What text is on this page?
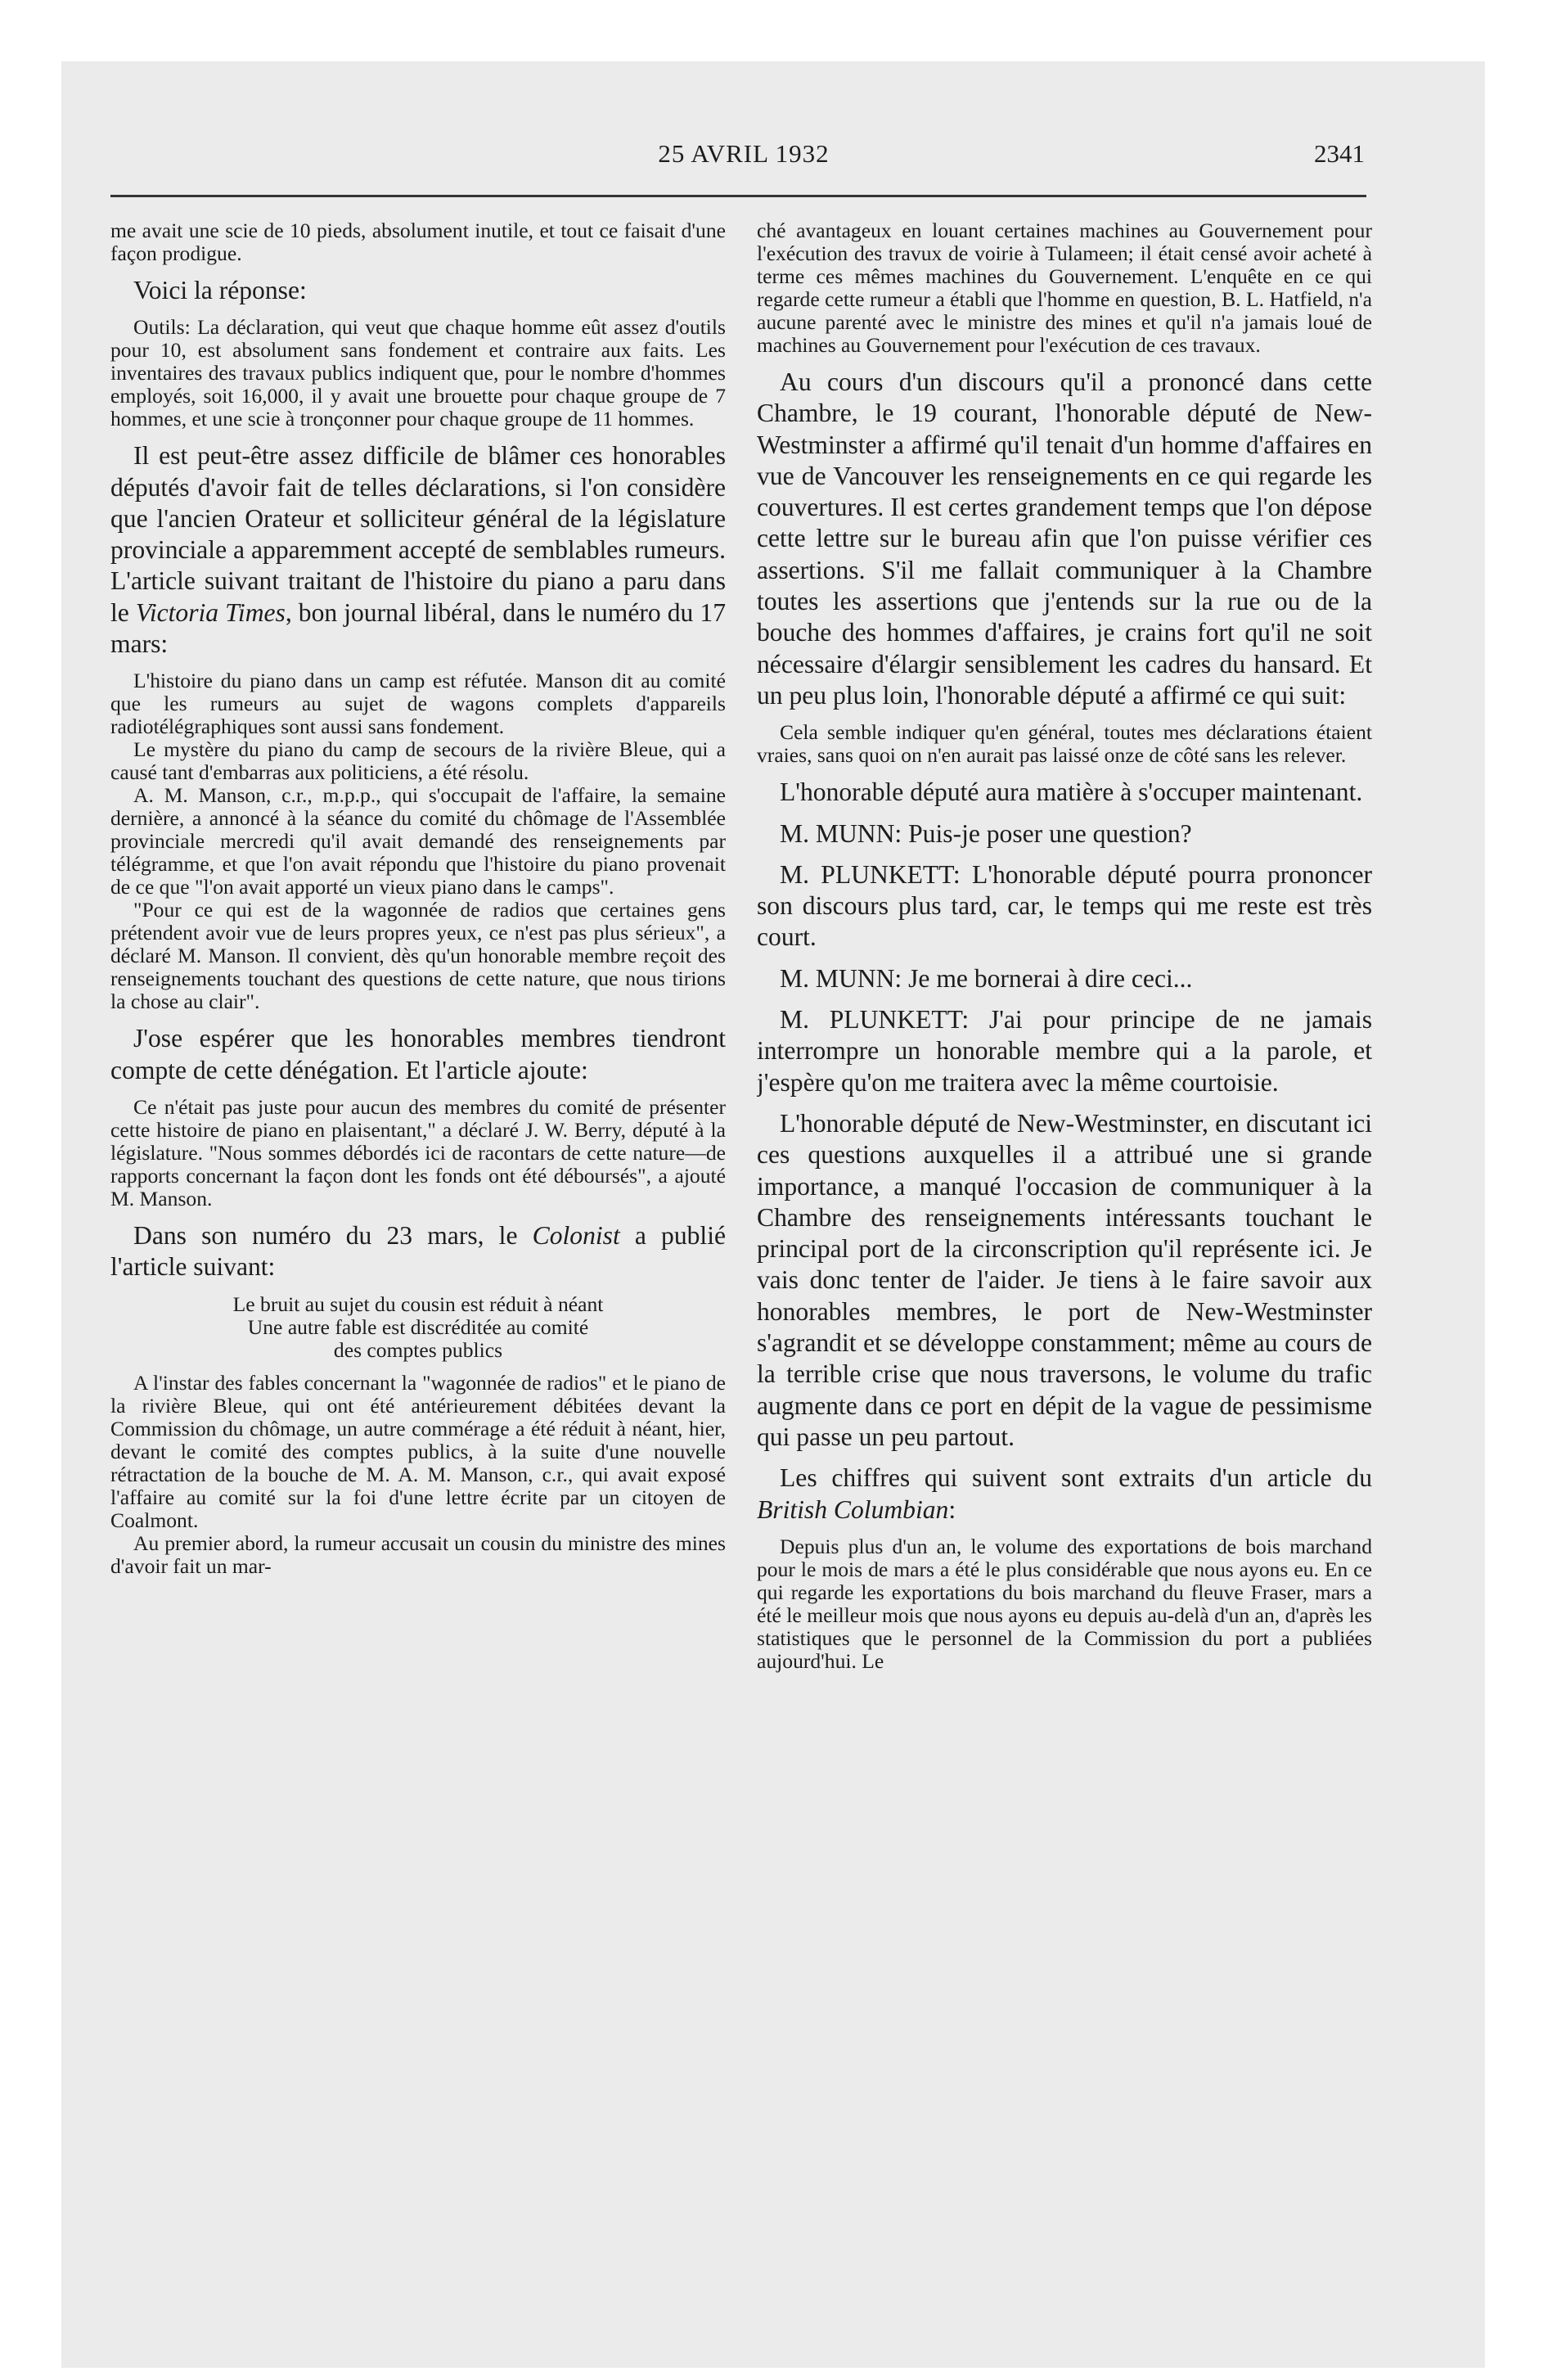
25 AVRIL 1932	2341

me avait une scie de 10 pieds, absolument inutile, et tout ce faisait d'une façon prodigue.

Voici la réponse:

Outils: La déclaration, qui veut que chaque homme eût assez d'outils pour 10, est absolument sans fondement et contraire aux faits. Les inventaires des travaux publics indiquent que, pour le nombre d'hommes employés, soit 16,000, il y avait une brouette pour chaque groupe de 7 hommes, et une scie à tronçonner pour chaque groupe de 11 hommes.

Il est peut-être assez difficile de blâmer ces honorables députés d'avoir fait de telles déclarations, si l'on considère que l'ancien Orateur et solliciteur général de la législature provinciale a apparemment accepté de semblables rumeurs. L'article suivant traitant de l'histoire du piano a paru dans le Victoria Times, bon journal libéral, dans le numéro du 17 mars:

L'histoire du piano dans un camp est réfutée. Manson dit au comité que les rumeurs au sujet de wagons complets d'appareils radiotélégraphiques sont aussi sans fondement.

Le mystère du piano du camp de secours de la rivière Bleue, qui a causé tant d'embarras aux politiciens, a été résolu.

A. M. Manson, c.r., m.p.p., qui s'occupait de l'affaire, la semaine dernière, a annoncé à la séance du comité du chômage de l'Assemblée provinciale mercredi qu'il avait demandé des renseignements par télégramme, et que l'on avait répondu que l'histoire du piano provenait de ce que "l'on avait apporté un vieux piano dans le camps".

"Pour ce qui est de la wagonnée de radios que certaines gens prétendent avoir vue de leurs propres yeux, ce n'est pas plus sérieux", a déclaré M. Manson. Il convient, dès qu'un honorable membre reçoit des renseignements touchant des questions de cette nature, que nous tirions la chose au clair".

J'ose espérer que les honorables membres tiendront compte de cette dénégation. Et l'article ajoute:

Ce n'était pas juste pour aucun des membres du comité de présenter cette histoire de piano en plaisentant," a déclaré J. W. Berry, député à la législature. "Nous sommes débordés ici de racontars de cette nature—de rapports concernant la façon dont les fonds ont été déboursés", a ajouté M. Manson.

Dans son numéro du 23 mars, le Colonist a publié l'article suivant:

Le bruit au sujet du cousin est réduit à néant

Une autre fable est discréditée au comité

des comptes publics

A l'instar des fables concernant la "wagonnée de radios" et le piano de la rivière Bleue, qui ont été antérieurement débitées devant la Commission du chômage, un autre commérage a été réduit à néant, hier, devant le comité des comptes publics, à la suite d'une nouvelle rétractation de la bouche de M. A. M. Manson, c.r., qui avait exposé l'affaire au comité sur la foi d'une lettre écrite par un citoyen de Coalmont.

Au premier abord, la rumeur accusait un cousin du ministre des mines d'avoir fait un mar-

ché avantageux en louant certaines machines au Gouvernement pour l'exécution des travux de voirie à Tulameen; il était censé avoir acheté à terme ces mêmes machines du Gouvernement. L'enquête en ce qui regarde cette rumeur a établi que l'homme en question, B. L. Hatfield, n'a aucune parenté avec le ministre des mines et qu'il n'a jamais loué de machines au Gouvernement pour l'exécution de ces travaux.

Au cours d'un discours qu'il a prononcé dans cette Chambre, le 19 courant, l'honorable député de New-Westminster a affirmé qu'il tenait d'un homme d'affaires en vue de Vancouver les renseignements en ce qui regarde les couvertures. Il est certes grandement temps que l'on dépose cette lettre sur le bureau afin que l'on puisse vérifier ces assertions. S'il me fallait communiquer à la Chambre toutes les assertions que j'entends sur la rue ou de la bouche des hommes d'affaires, je crains fort qu'il ne soit nécessaire d'élargir sensiblement les cadres du hansard. Et un peu plus loin, l'honorable député a affirmé ce qui suit:

Cela semble indiquer qu'en général, toutes mes déclarations étaient vraies, sans quoi on n'en aurait pas laissé onze de côté sans les relever.

L'honorable député aura matière à s'occuper maintenant.

M. MUNN: Puis-je poser une question?

M. PLUNKETT: L'honorable député pourra prononcer son discours plus tard, car, le temps qui me reste est très court.

M. MUNN: Je me bornerai à dire ceci...

M. PLUNKETT: J'ai pour principe de ne jamais interrompre un honorable membre qui a la parole, et j'espère qu'on me traitera avec la même courtoisie.

L'honorable député de New-Westminster, en discutant ici ces questions auxquelles il a attribué une si grande importance, a manqué l'occasion de communiquer à la Chambre des renseignements intéressants touchant le principal port de la circonscription qu'il représente ici. Je vais donc tenter de l'aider. Je tiens à le faire savoir aux honorables membres, le port de New-Westminster s'agrandit et se développe constamment; même au cours de la terrible crise que nous traversons, le volume du trafic augmente dans ce port en dépit de la vague de pessimisme qui passe un peu partout.

Les chiffres qui suivent sont extraits d'un article du British Columbian:

Depuis plus d'un an, le volume des exportations de bois marchand pour le mois de mars a été le plus considérable que nous ayons eu. En ce qui regarde les exportations du bois marchand du fleuve Fraser, mars a été le meilleur mois que nous ayons eu depuis au-delà d'un an, d'après les statistiques que le personnel de la Commission du port a publiées aujourd'hui. Le
